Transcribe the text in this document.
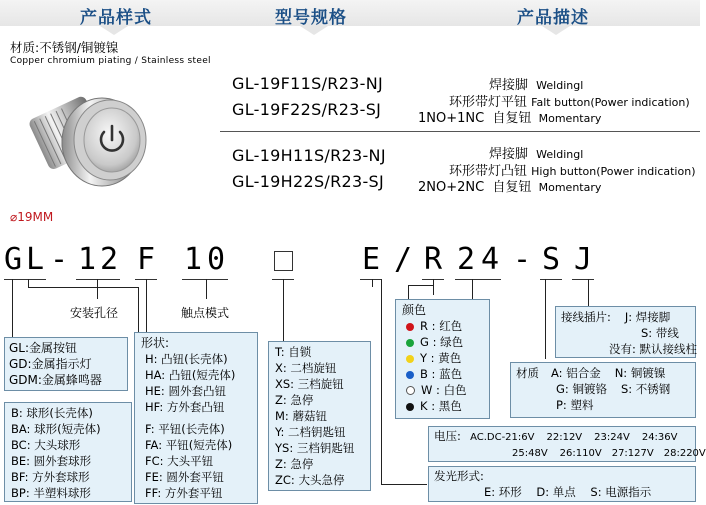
产品样式	型号规格	产品描述
材质:不锈钢/铜镀镍
Copper chromium piating / Stainless steel
⌀19MM
GL-19F11S/R23-NJ
GL-19F22S/R23-SJ
焊接脚 Weldingl
环形带灯平钮 Falt button(Power indication)
1NO+1NC 自复钮 Momentary
GL-19H11S/R23-NJ
GL-19H22S/R23-SJ
焊接脚 Weldingl
环形带灯凸钮 High button(Power indication)
2NO+2NC 自复钮 Momentary
G L - 1 2 F 1 0	E / R 2 4 - S J
安装孔径	触点模式
GL:金属按钮
GD:金属指示灯
GDM:金属蜂鸣器
形状:
H: 凸钮(长壳体)
HA: 凸钮(短壳体)
HE: 圆外套凸钮
HF: 方外套凸钮
F: 平钮(长壳体)
FA: 平钮(短壳体)
FC: 大头平钮
FE: 圆外套平钮
FF: 方外套平钮
B: 球形(长壳体)
BA: 球形(短壳体)
BC: 大头球形
BE: 圆外套球形
BF: 方外套球形
BP: 半塑料球形
T: 自锁
X: 二档旋钮
XS: 三档旋钮
Z: 急停
M: 蘑菇钮
Y: 二档钥匙钮
YS: 三档钥匙钮
Z: 急停
ZC: 大头急停
颜色
R : 红色
G : 绿色
Y : 黄色
B : 蓝色
W : 白色
K : 黑色
接线插片: J: 焊接脚
S: 带线
没有: 默认接线柱
材质 A: 铝合金 N: 铜镀镍
G: 铜镀铬 S: 不锈钢
P: 塑料
电压: AC.DC-21:6V 22:12V 23:24V 24:36V
25:48V 26:110V 27:127V 28:220V
发光形式:
E: 环形    D: 单点    S: 电源指示
